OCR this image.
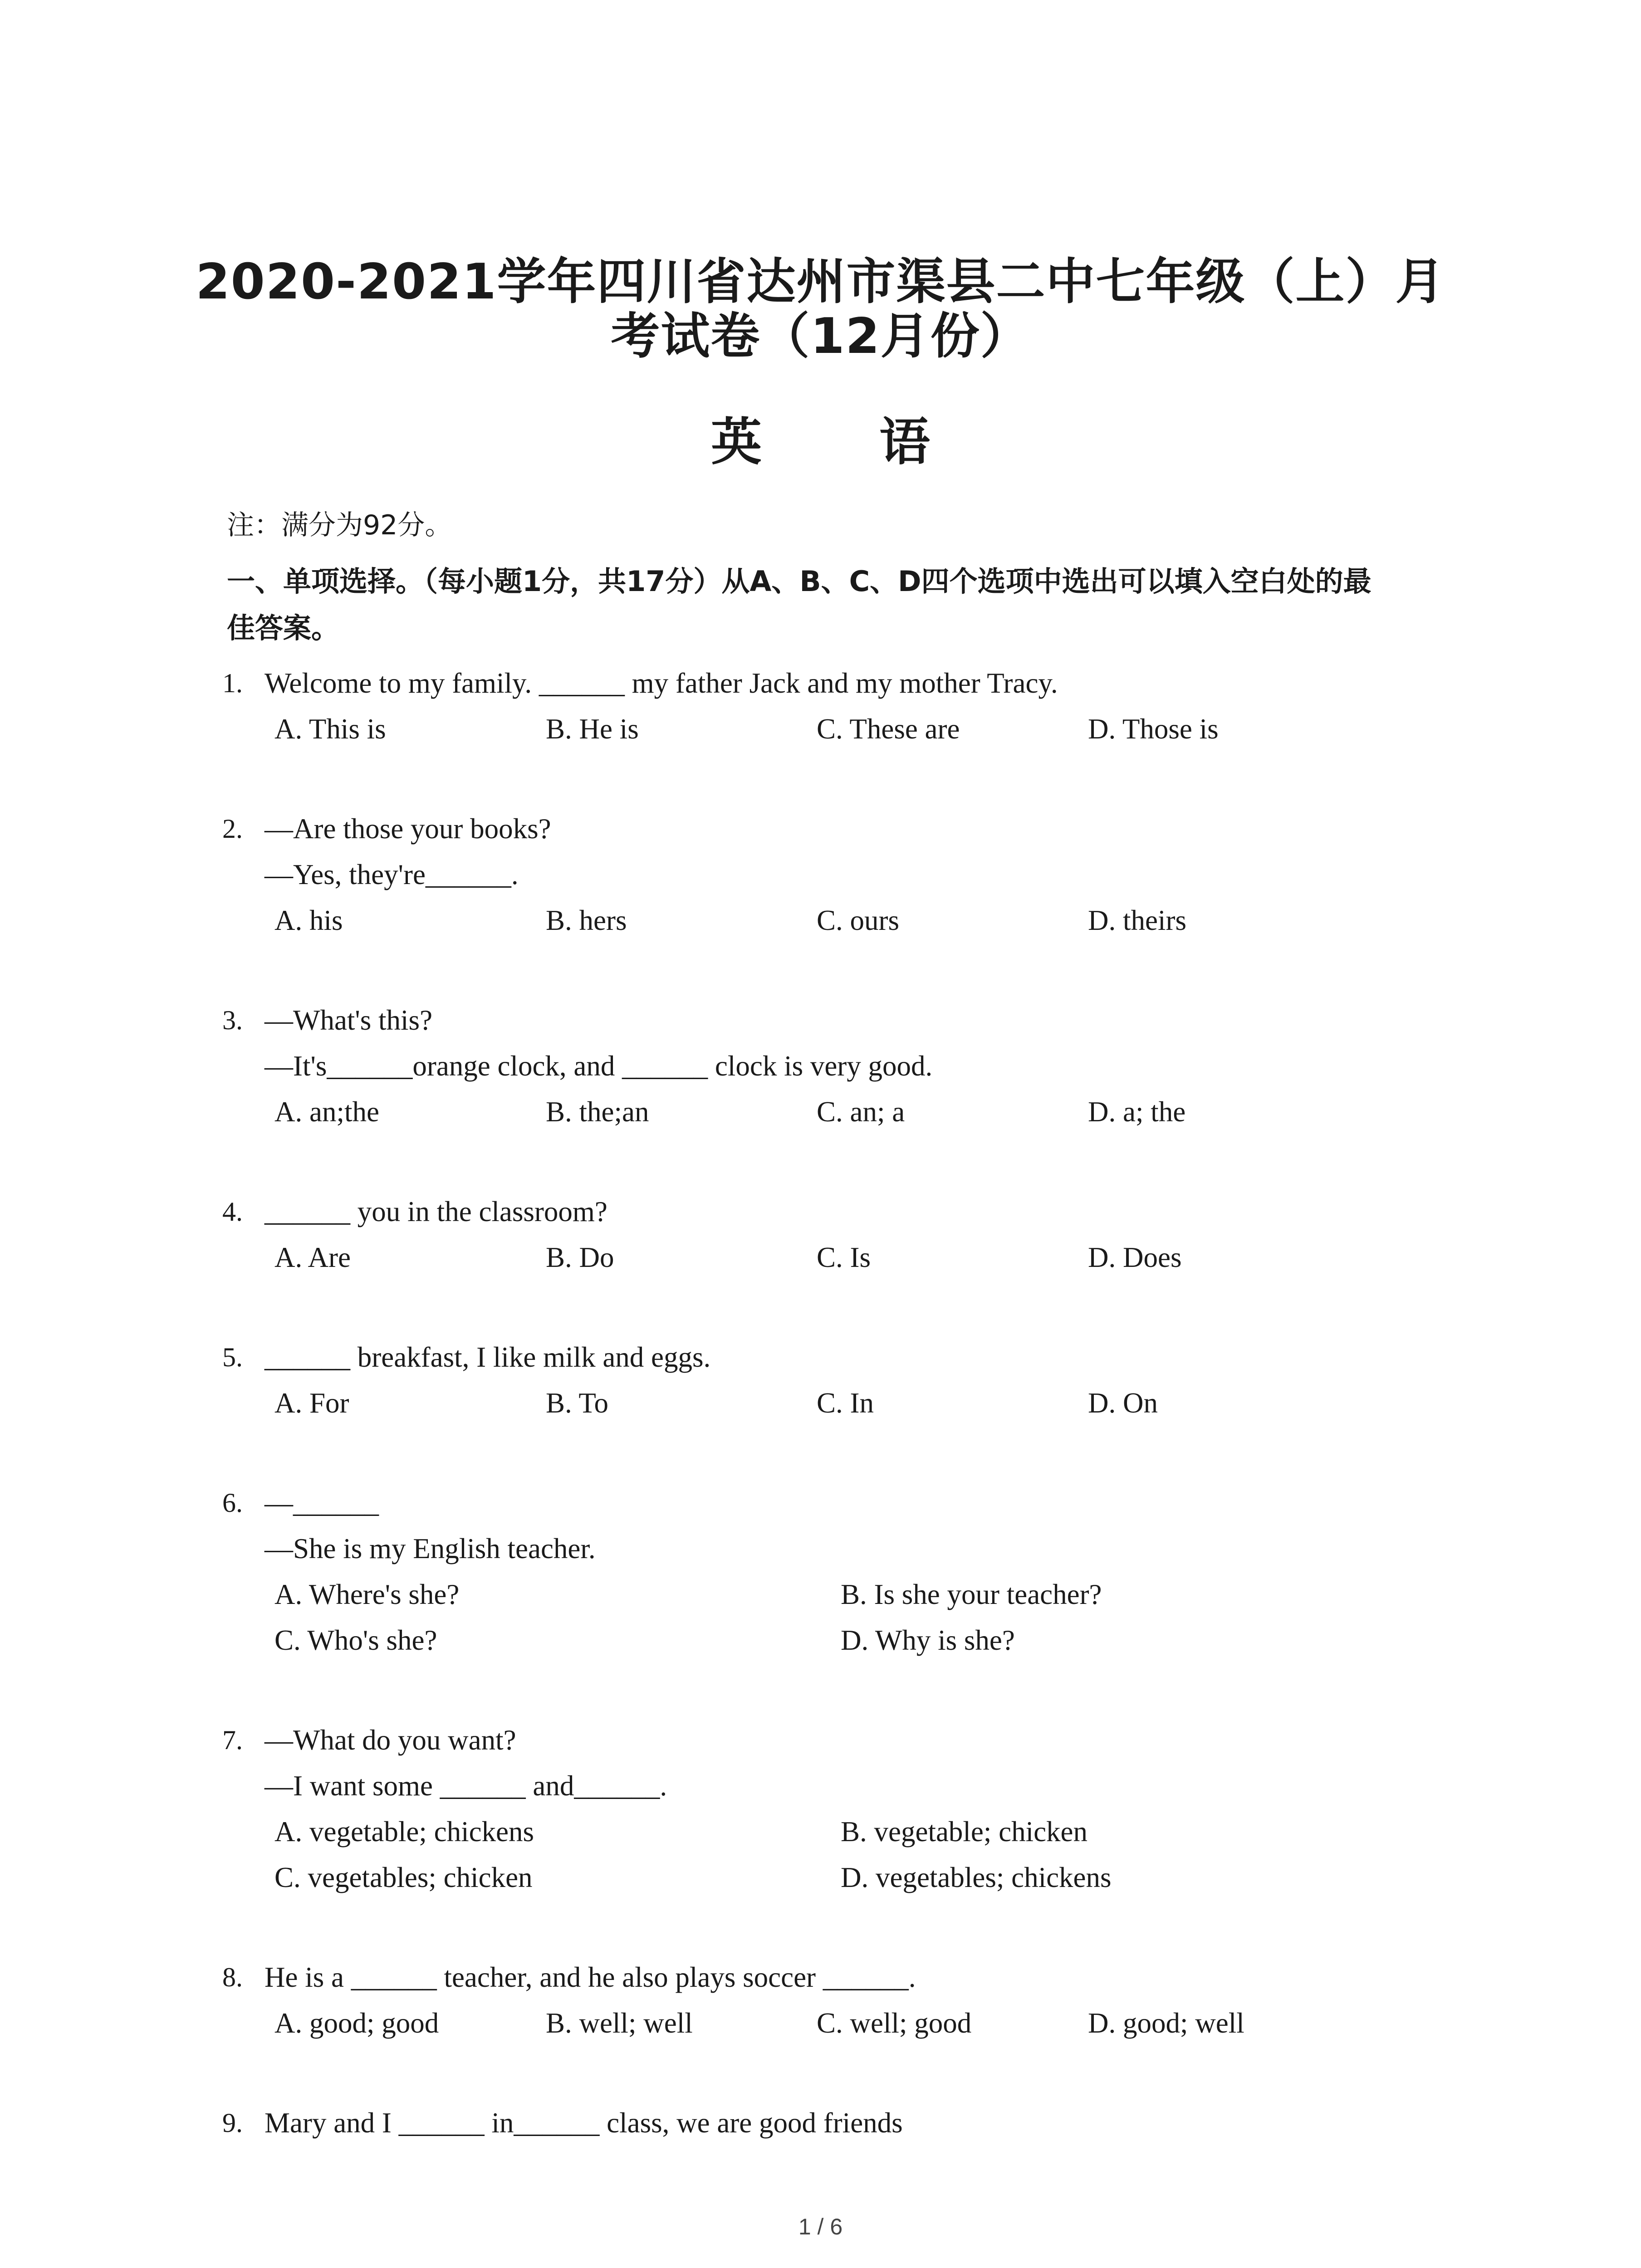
2020-2021学年四川省达州市渠县二中七年级（上）月
考试卷（12月份）
英 语
注：满分为92分。
一、单项选择。（每小题1分，共17分）从A、B、C、D四个选项中选出可以填入空白处的最
佳答案。
1. Welcome to my family. ______ my father Jack and my mother Tracy.
A. This is	B. He is	C. These are	D. Those is
2. —Are those your books?
—Yes, they're______.
A. his	B. hers	C. ours	D. theirs
3. —What's this?
—It's______orange clock, and ______ clock is very good.
A. an;the	B. the;an	C. an; a	D. a; the
4. ______ you in the classroom?
A. Are	B. Do	C. Is	D. Does
5. ______ breakfast, I like milk and eggs.
A. For	B. To	C. In	D. On
6. —______
—She is my English teacher.
A. Where's she?	B. Is she your teacher?
C. Who's she?	D. Why is she?
7. —What do you want?
—I want some ______ and______.
A. vegetable; chickens	B. vegetable; chicken
C. vegetables; chicken	D. vegetables; chickens
8. He is a ______ teacher, and he also plays soccer ______.
A. good; good	B. well; well	C. well; good	D. good; well
9. Mary and I ______ in______ class, we are good friends
1 / 6
